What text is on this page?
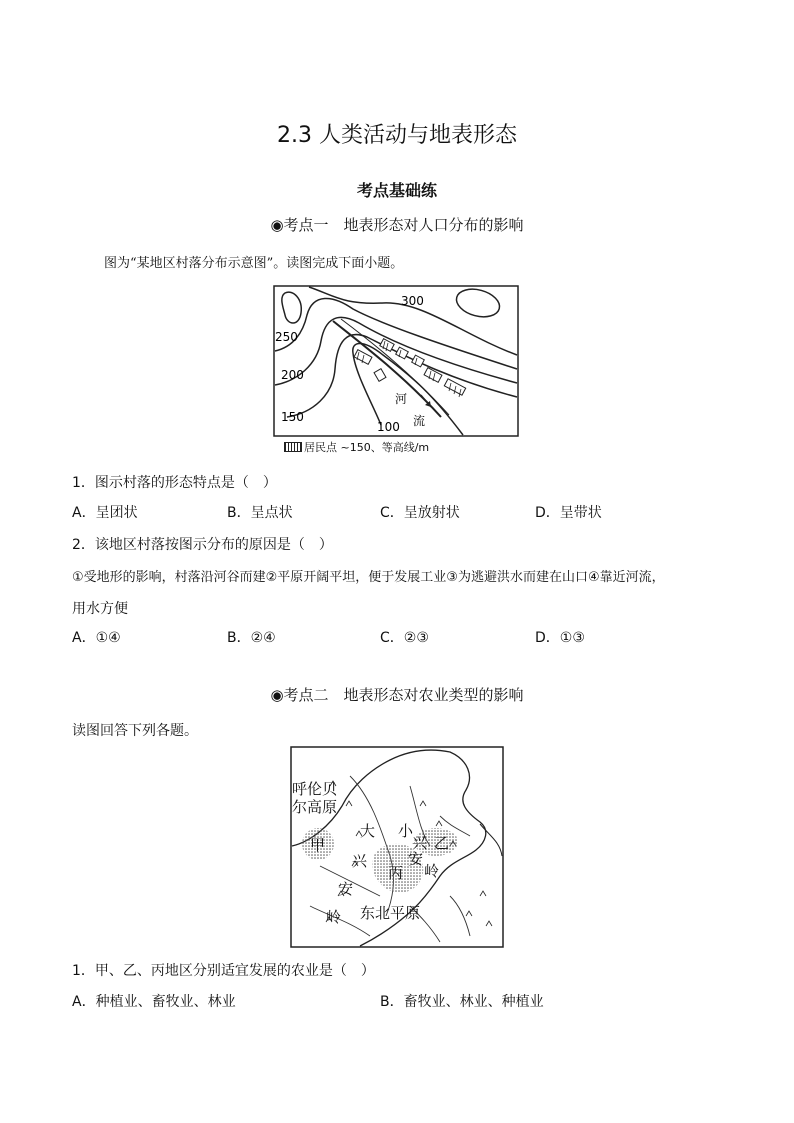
2.3 人类活动与地表形态
考点基础练
◉考点一　地表形态对人口分布的影响
图为“某地区村落分布示意图”。读图完成下面小题。
300
250
200
150
100
河
流
居民点 ~150、等高线/m
1．图示村落的形态特点是（　）
A．呈团状	B．呈点状	C．呈放射状	D．呈带状
2．该地区村落按图示分布的原因是（　）
①受地形的影响，村落沿河谷而建②平原开阔平坦，便于发展工业③为逃避洪水而建在山口④靠近河流，
用水方便
A．①④	B．②④	C．②③	D．①③
◉考点二　地表形态对农业类型的影响
读图回答下列各题。
呼伦贝
尔高原
甲	乙
丙
大
兴
安
岭
小
兴
安
岭
东北平原
1．甲、乙、丙地区分别适宜发展的农业是（　）
A．种植业、畜牧业、林业	B．畜牧业、林业、种植业
